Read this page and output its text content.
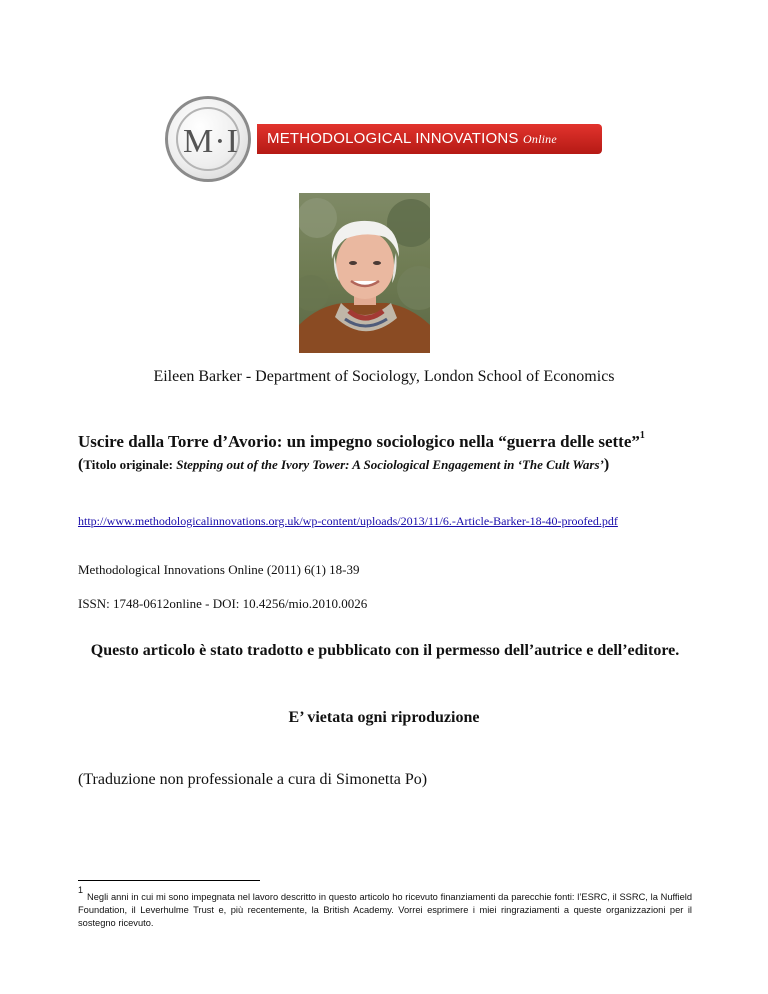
M·I	METHODOLOGICAL INNOVATIONS Online
Eileen Barker - Department of Sociology, London School of Economics
Uscire dalla Torre d’Avorio: un impegno sociologico nella “guerra delle sette”$^1$
(Titolo originale: Stepping out of the Ivory Tower: A Sociological Engagement in ‘The Cult Wars’)
http://www.methodologicalinnovations.org.uk/wp-content/uploads/2013/11/6.-Article-Barker-18-40-proofed.pdf
Methodological Innovations Online (2011) 6(1) 18-39
ISSN: 1748-0612online - DOI: 10.4256/mio.2010.0026
Questo articolo è stato tradotto e pubblicato con il permesso dell’autrice e dell’editore.
E’ vietata ogni riproduzione
(Traduzione non professionale a cura di Simonetta Po)
$^1$Negli anni in cui mi sono impegnata nel lavoro descritto in questo articolo ho ricevuto finanziamenti da parecchie fonti: l’ESRC, il SSRC, la Nuffield Foundation, il Leverhulme Trust e, più recentemente, la British Academy. Vorrei esprimere i miei ringraziamenti a queste organizzazioni per il sostegno ricevuto.
